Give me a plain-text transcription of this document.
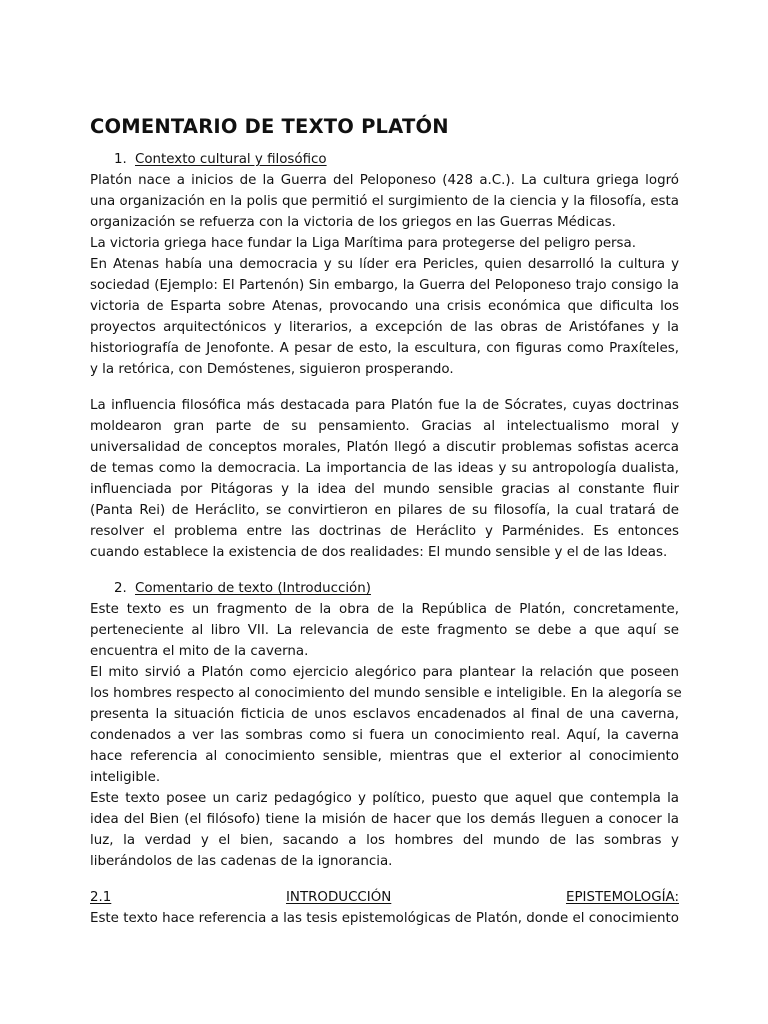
COMENTARIO DE TEXTO PLATÓN
1. Contexto cultural y filosófico
Platón nace a inicios de la Guerra del Peloponeso (428 a.C.). La cultura griega logró
una organización en la polis que permitió el surgimiento de la ciencia y la filosofía, esta
organización se refuerza con la victoria de los griegos en las Guerras Médicas.
La victoria griega hace fundar la Liga Marítima para protegerse del peligro persa.
En Atenas había una democracia y su líder era Pericles, quien desarrolló la cultura y
sociedad (Ejemplo: El Partenón) Sin embargo, la Guerra del Peloponeso trajo consigo la
victoria de Esparta sobre Atenas, provocando una crisis económica que dificulta los
proyectos arquitectónicos y literarios, a excepción de las obras de Aristófanes y la
historiografía de Jenofonte. A pesar de esto, la escultura, con figuras como Praxíteles,
y la retórica, con Demóstenes, siguieron prosperando.
La influencia filosófica más destacada para Platón fue la de Sócrates, cuyas doctrinas
moldearon gran parte de su pensamiento. Gracias al intelectualismo moral y
universalidad de conceptos morales, Platón llegó a discutir problemas sofistas acerca
de temas como la democracia. La importancia de las ideas y su antropología dualista,
influenciada por Pitágoras y la idea del mundo sensible gracias al constante fluir
(Panta Rei) de Heráclito, se convirtieron en pilares de su filosofía, la cual tratará de
resolver el problema entre las doctrinas de Heráclito y Parménides. Es entonces
cuando establece la existencia de dos realidades: El mundo sensible y el de las Ideas.
2. Comentario de texto (Introducción)
Este texto es un fragmento de la obra de la República de Platón, concretamente,
perteneciente al libro VII. La relevancia de este fragmento se debe a que aquí se
encuentra el mito de la caverna.
El mito sirvió a Platón como ejercicio alegórico para plantear la relación que poseen
los hombres respecto al conocimiento del mundo sensible e inteligible. En la alegoría se
presenta la situación ficticia de unos esclavos encadenados al final de una caverna,
condenados a ver las sombras como si fuera un conocimiento real. Aquí, la caverna
hace referencia al conocimiento sensible, mientras que el exterior al conocimiento
inteligible.
Este texto posee un cariz pedagógico y político, puesto que aquel que contempla la
idea del Bien (el filósofo) tiene la misión de hacer que los demás lleguen a conocer la
luz, la verdad y el bien, sacando a los hombres del mundo de las sombras y
liberándolos de las cadenas de la ignorancia.
2.1	INTRODUCCIÓN	EPISTEMOLOGÍA:
Este texto hace referencia a las tesis epistemológicas de Platón, donde el conocimiento
